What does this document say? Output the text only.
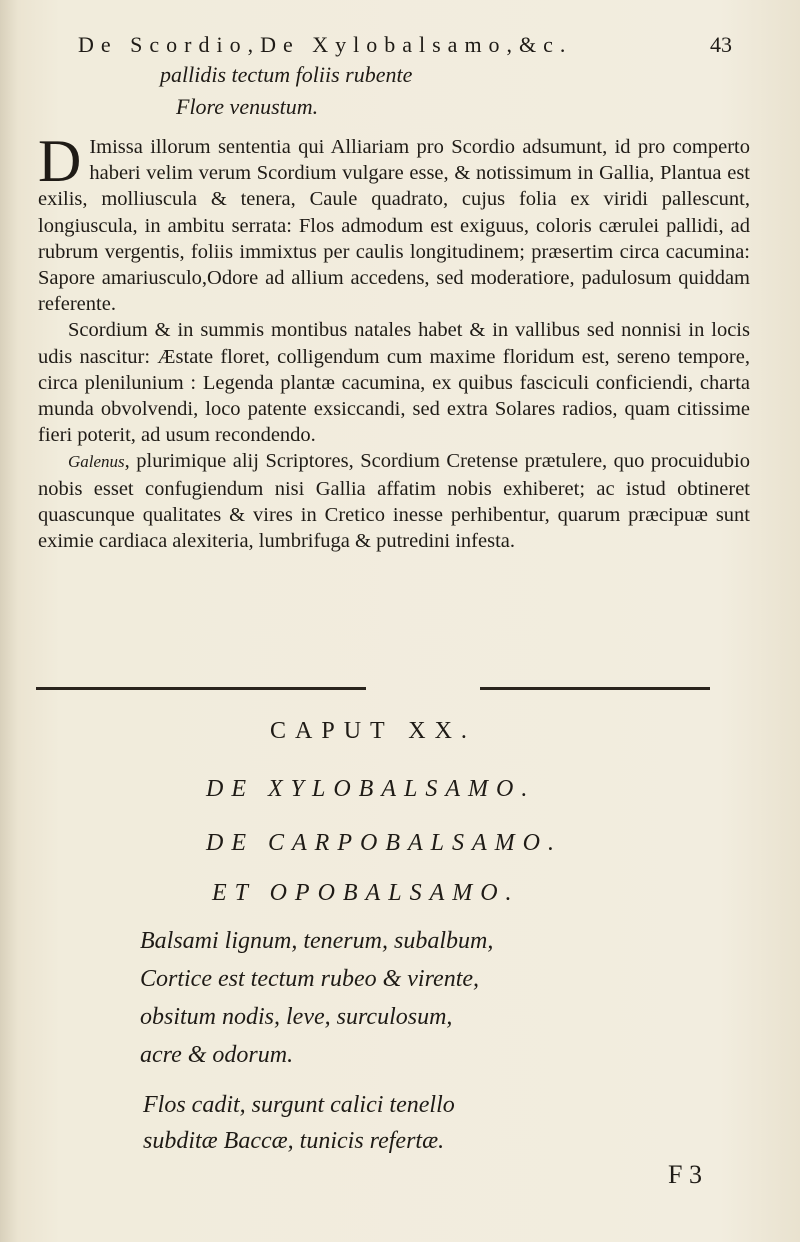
De Scordio,De Xylobalsamo,&c.	43
pallidis tectum foliis rubente
Flore venustum.

D Imissa illorum sententia qui Alliariam pro Scordio adsumunt, id pro comperto haberi velim verum Scordium vulgare esse, & notissimum in Gallia, Plantua est exilis, molliuscula & tenera, Caule quadrato, cujus folia ex viridi pallescunt, longiuscula, in ambitu serrata: Flos admodum est exiguus, coloris cærulei pallidi, ad rubrum vergentis, foliis immixtus per caulis longitudinem; præsertim circa cacumina: Sapore amariusculo,Odore ad allium accedens, sed moderatiore, padulosum quiddam referente.

Scordium & in summis montibus natales habet & in vallibus sed nonnisi in locis udis nascitur: Æstate floret, colligendum cum maxime floridum est, sereno tempore, circa plenilunium : Legenda plantæ cacumina, ex quibus fasciculi conficiendi, charta munda obvolvendi, loco patente exsiccandi, sed extra Solares radios, quam citissime fieri poterit, ad usum recondendo.

Galenus, plurimique alij Scriptores, Scordium Cretense prætulere, quo procuidubio nobis esset confugiendum nisi Gallia affatim nobis exhiberet; ac istud obtineret quascunque qualitates & vires in Cretico inesse perhibentur, quarum præcipuæ sunt eximie cardiaca alexiteria, lumbrifuga & putredini infesta.

CAPUT XX.
DE XYLOBALSAMO.
DE CARPOBALSAMO.
ET OPOBALSAMO.
Balsami lignum, tenerum, subalbum,
Cortice est tectum rubeo & virente,
obsitum nodis, leve, surculosum,
acre & odorum.
Flos cadit, surgunt calici tenello
subditæ Baccæ, tunicis refertæ.
F 3
